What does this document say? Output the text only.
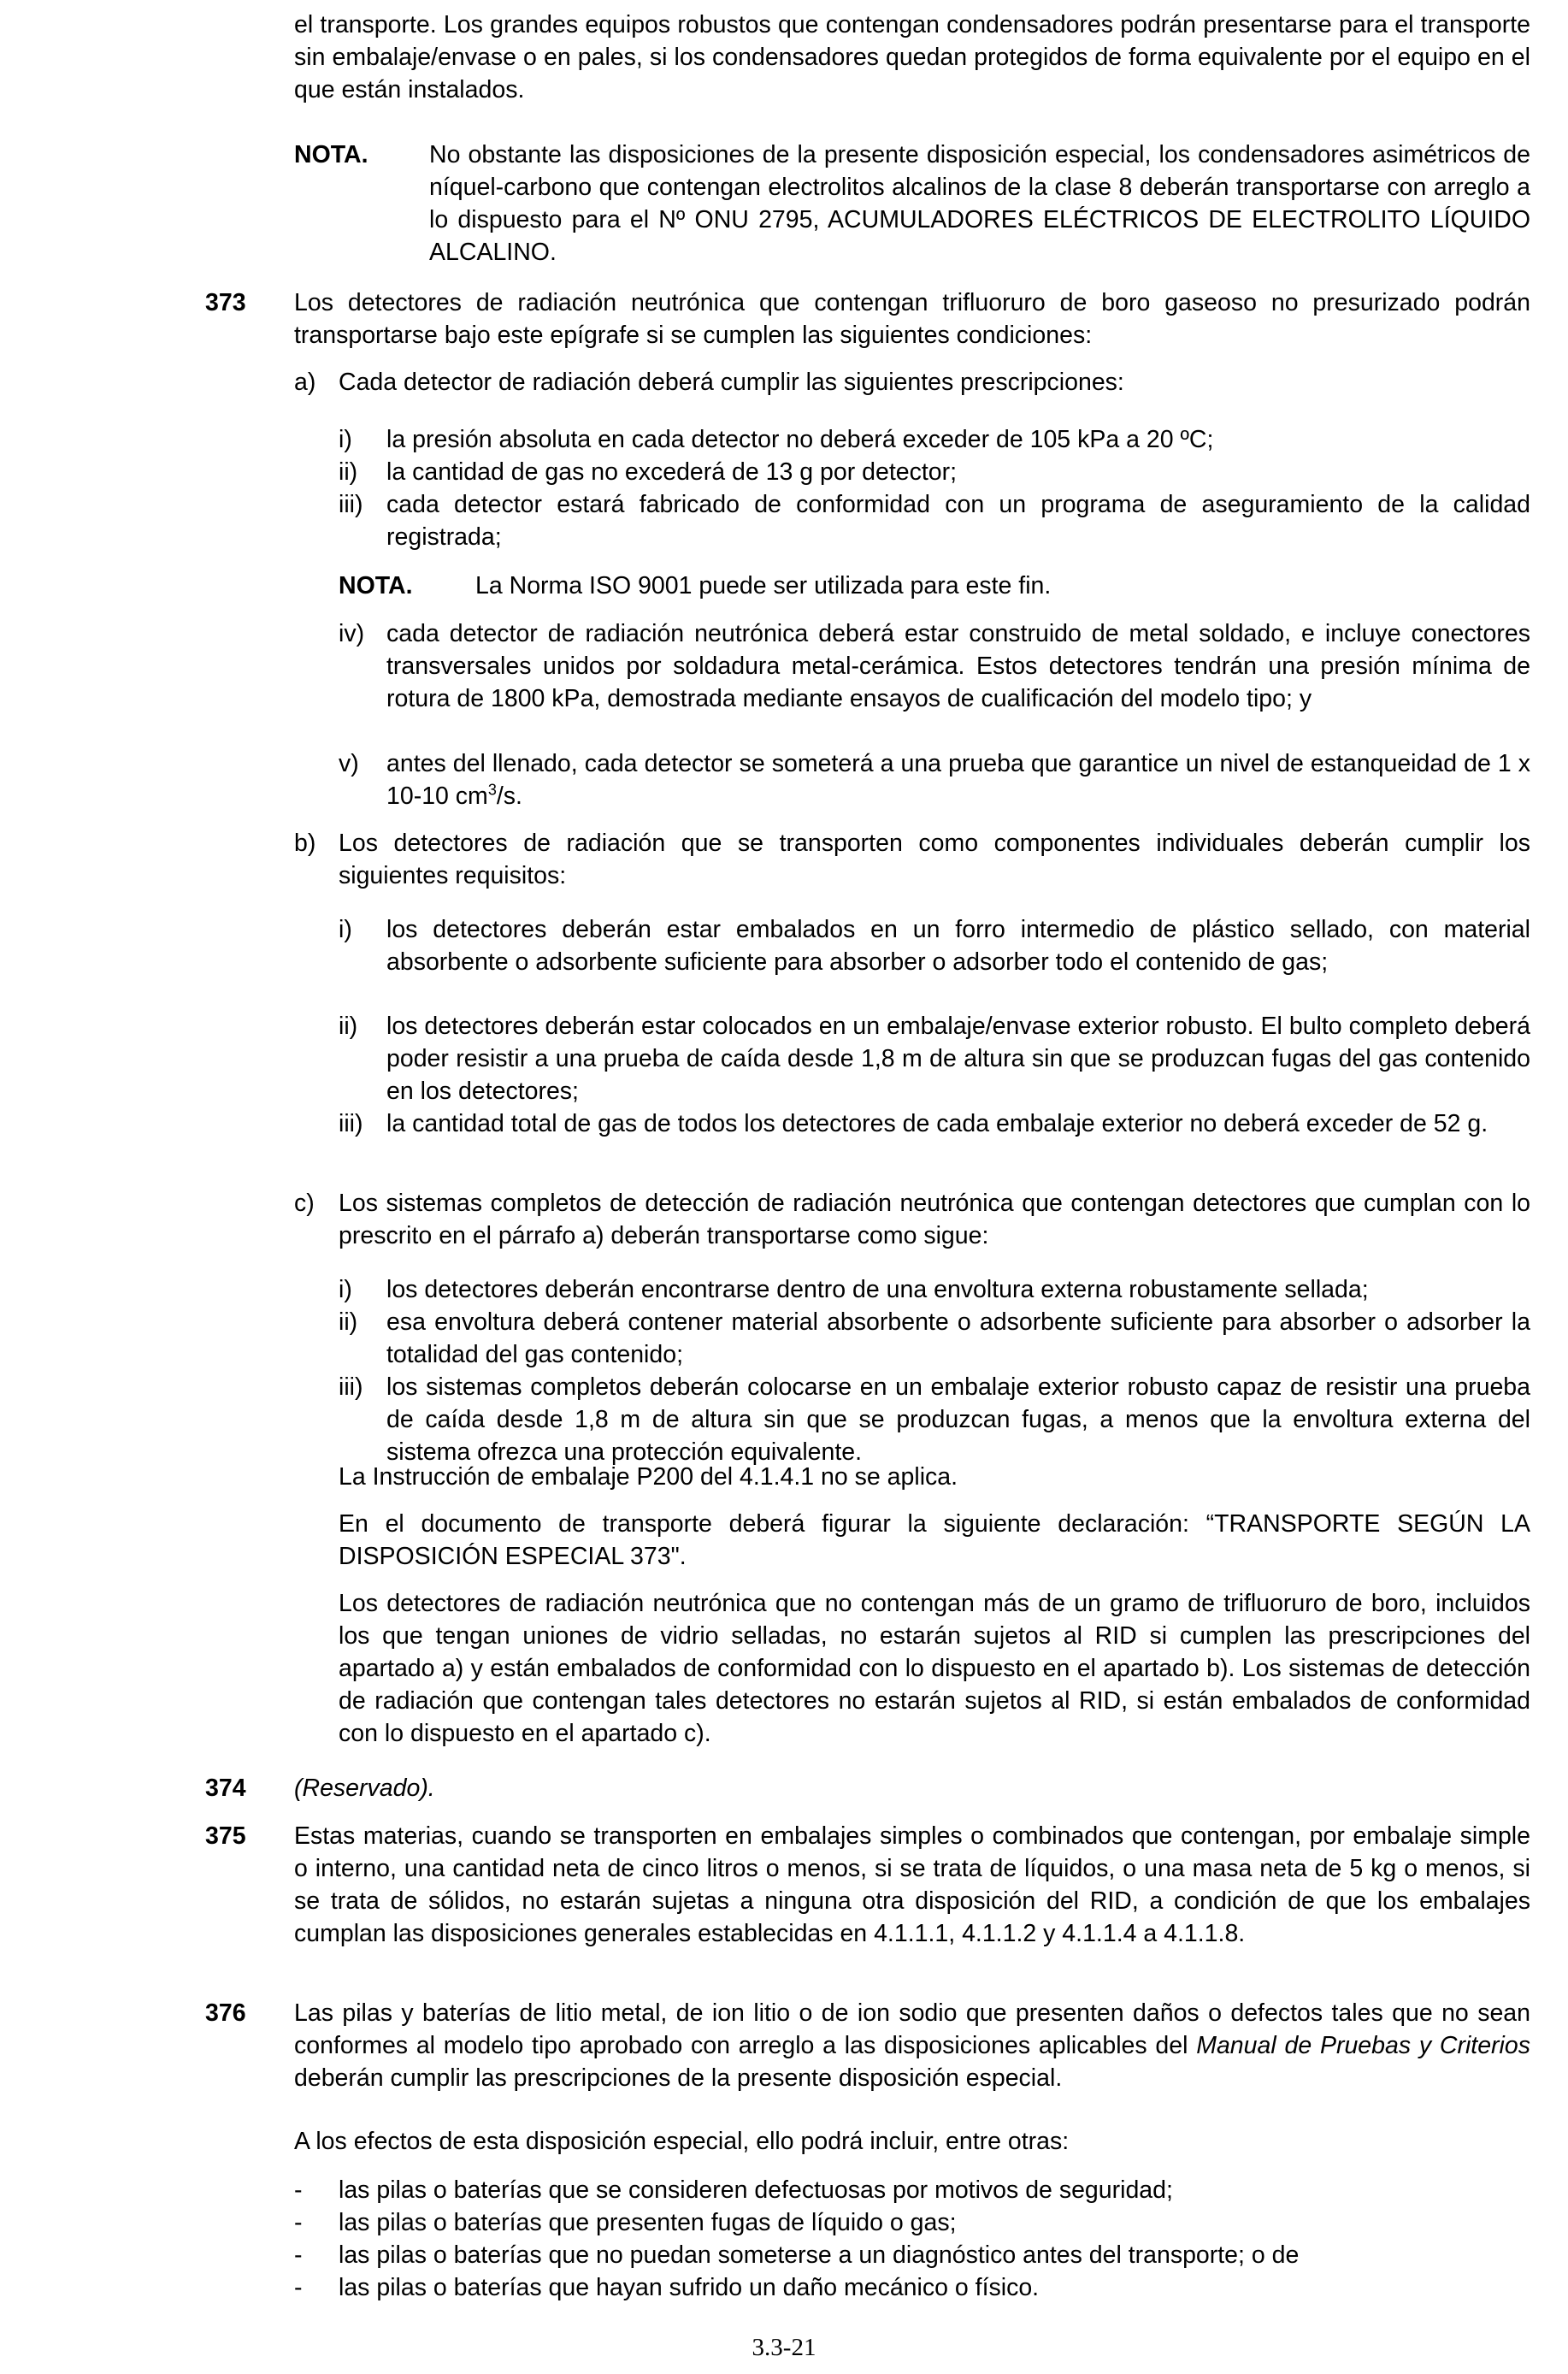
el transporte. Los grandes equipos robustos que contengan condensadores podrán presentarse para el transporte sin embalaje/envase o en pales, si los condensadores quedan protegidos de forma equivalente por el equipo en el que están instalados.

NOTA.	No obstante las disposiciones de la presente disposición especial, los condensadores asimétricos de níquel-carbono que contengan electrolitos alcalinos de la clase 8 deberán transportarse con arreglo a lo dispuesto para el Nº ONU 2795, ACUMULADORES ELÉCTRICOS DE ELECTROLITO LÍQUIDO ALCALINO.

373 Los detectores de radiación neutrónica que contengan trifluoruro de boro gaseoso no presurizado podrán transportarse bajo este epígrafe si se cumplen las siguientes condiciones:

a) Cada detector de radiación deberá cumplir las siguientes prescripciones:

i) la presión absoluta en cada detector no deberá exceder de 105 kPa a 20 ºC;

ii) la cantidad de gas no excederá de 13 g por detector;

iii) cada detector estará fabricado de conformidad con un programa de aseguramiento de la calidad registrada;

NOTA.	La Norma ISO 9001 puede ser utilizada para este fin.

iv) cada detector de radiación neutrónica deberá estar construido de metal soldado, e incluye conectores transversales unidos por soldadura metal-cerámica. Estos detectores tendrán una presión mínima de rotura de 1800 kPa, demostrada mediante ensayos de cualificación del modelo tipo; y

v) antes del llenado, cada detector se someterá a una prueba que garantice un nivel de estanqueidad de 1 x 10-10 $cm^3/s$.

b) Los detectores de radiación que se transporten como componentes individuales deberán cumplir los siguientes requisitos:

i) los detectores deberán estar embalados en un forro intermedio de plástico sellado, con material absorbente o adsorbente suficiente para absorber o adsorber todo el contenido de gas;

ii) los detectores deberán estar colocados en un embalaje/envase exterior robusto. El bulto completo deberá poder resistir a una prueba de caída desde 1,8 m de altura sin que se produzcan fugas del gas contenido en los detectores;

iii) la cantidad total de gas de todos los detectores de cada embalaje exterior no deberá exceder de 52 g.

c) Los sistemas completos de detección de radiación neutrónica que contengan detectores que cumplan con lo prescrito en el párrafo a) deberán transportarse como sigue:

i) los detectores deberán encontrarse dentro de una envoltura externa robustamente sellada;

ii) esa envoltura deberá contener material absorbente o adsorbente suficiente para absorber o adsorber la totalidad del gas contenido;

iii) los sistemas completos deberán colocarse en un embalaje exterior robusto capaz de resistir una prueba de caída desde 1,8 m de altura sin que se produzcan fugas, a menos que la envoltura externa del sistema ofrezca una protección equivalente.

La Instrucción de embalaje P200 del 4.1.4.1 no se aplica.

En el documento de transporte deberá figurar la siguiente declaración: “TRANSPORTE SEGÚN LA DISPOSICIÓN ESPECIAL 373".

Los detectores de radiación neutrónica que no contengan más de un gramo de trifluoruro de boro, incluidos los que tengan uniones de vidrio selladas, no estarán sujetos al RID si cumplen las prescripciones del apartado a) y están embalados de conformidad con lo dispuesto en el apartado b). Los sistemas de detección de radiación que contengan tales detectores no estarán sujetos al RID, si están embalados de conformidad con lo dispuesto en el apartado c).

374 (Reservado).

375 Estas materias, cuando se transporten en embalajes simples o combinados que contengan, por embalaje simple o interno, una cantidad neta de cinco litros o menos, si se trata de líquidos, o una masa neta de 5 kg o menos, si se trata de sólidos, no estarán sujetas a ninguna otra disposición del RID, a condición de que los embalajes cumplan las disposiciones generales establecidas en 4.1.1.1, 4.1.1.2 y 4.1.1.4 a 4.1.1.8.

376 Las pilas y baterías de litio metal, de ion litio o de ion sodio que presenten daños o defectos tales que no sean conformes al modelo tipo aprobado con arreglo a las disposiciones aplicables del Manual de Pruebas y Criterios deberán cumplir las prescripciones de la presente disposición especial.

A los efectos de esta disposición especial, ello podrá incluir, entre otras:

- las pilas o baterías que se consideren defectuosas por motivos de seguridad;

- las pilas o baterías que presenten fugas de líquido o gas;

- las pilas o baterías que no puedan someterse a un diagnóstico antes del transporte; o de

- las pilas o baterías que hayan sufrido un daño mecánico o físico.

3.3-21
